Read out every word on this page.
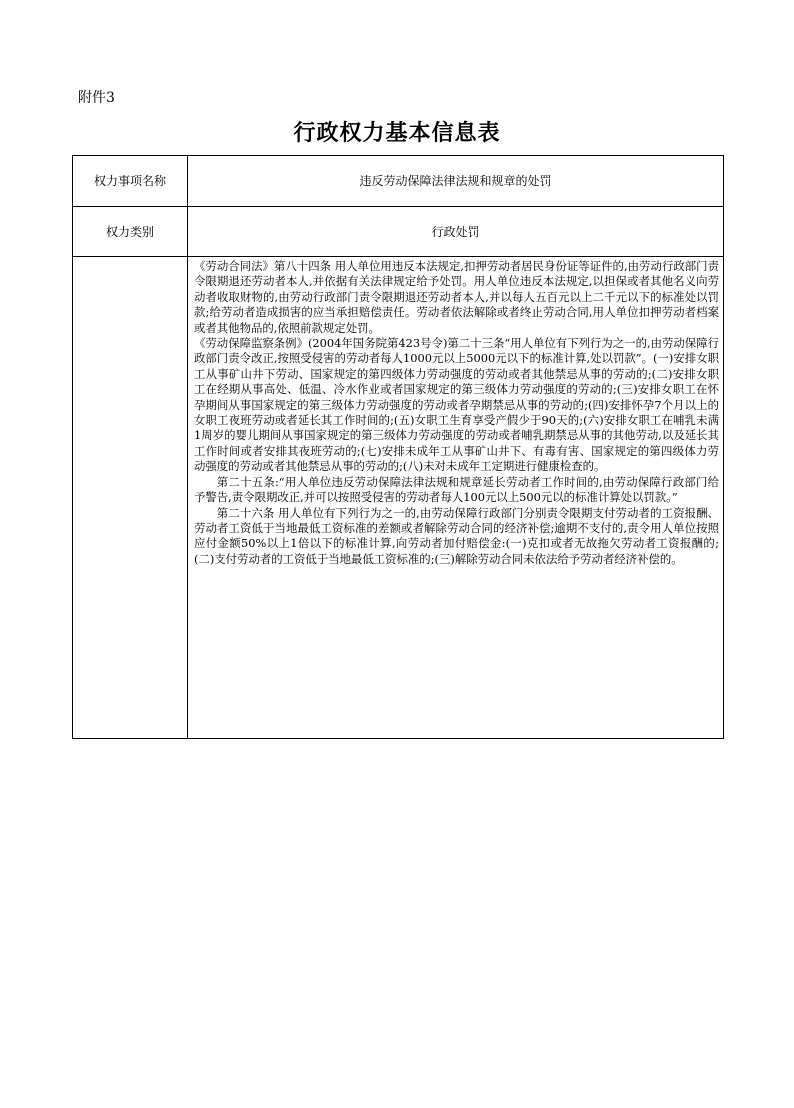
附件3
行政权力基本信息表
权力事项名称	违反劳动保障法律法规和规章的处罚
权力类别	行政处罚

	《劳动合同法》第八十四条 用人单位用违反本法规定,扣押劳动者居民身份证等证件的,由劳动行政部门责令限期退还劳动者本人,并依据有关法律规定给予处罚。用人单位违反本法规定,以担保或者其他名义向劳动者收取财物的,由劳动行政部门责令限期退还劳动者本人,并以每人五百元以上二千元以下的标准处以罚款;给劳动者造成损害的应当承担赔偿责任。劳动者依法解除或者终止劳动合同,用人单位扣押劳动者档案或者其他物品的,依照前款规定处罚。

《劳动保障监察条例》(2004年国务院第423号令)第二十三条“用人单位有下列行为之一的,由劳动保障行政部门责令改正,按照受侵害的劳动者每人1000元以上5000元以下的标准计算,处以罚款”。(一)安排女职工从事矿山井下劳动、国家规定的第四级体力劳动强度的劳动或者其他禁忌从事的劳动的;(二)安排女职工在经期从事高处、低温、冷水作业或者国家规定的第三级体力劳动强度的劳动的;(三)安排女职工在怀孕期间从事国家规定的第三级体力劳动强度的劳动或者孕期禁忌从事的劳动的;(四)安排怀孕7个月以上的女职工夜班劳动或者延长其工作时间的;(五)女职工生育享受产假少于90天的;(六)安排女职工在哺乳未满1周岁的婴儿期间从事国家规定的第三级体力劳动强度的劳动或者哺乳期禁忌从事的其他劳动,以及延长其工作时间或者安排其夜班劳动的;(七)安排未成年工从事矿山井下、有毒有害、国家规定的第四级体力劳动强度的劳动或者其他禁忌从事的劳动的;(八)未对未成年工定期进行健康检查的。

第二十五条:“用人单位违反劳动保障法律法规和规章延长劳动者工作时间的,由劳动保障行政部门给予警告,责令限期改正,并可以按照受侵害的劳动者每人100元以上500元以的标准计算处以罚款。”

第二十六条 用人单位有下列行为之一的,由劳动保障行政部门分别责令限期支付劳动者的工资报酬、劳动者工资低于当地最低工资标准的差额或者解除劳动合同的经济补偿;逾期不支付的,责令用人单位按照应付金额50%以上1倍以下的标准计算,向劳动者加付赔偿金:(一)克扣或者无故拖欠劳动者工资报酬的;(二)支付劳动者的工资低于当地最低工资标准的;(三)解除劳动合同未依法给予劳动者经济补偿的。
